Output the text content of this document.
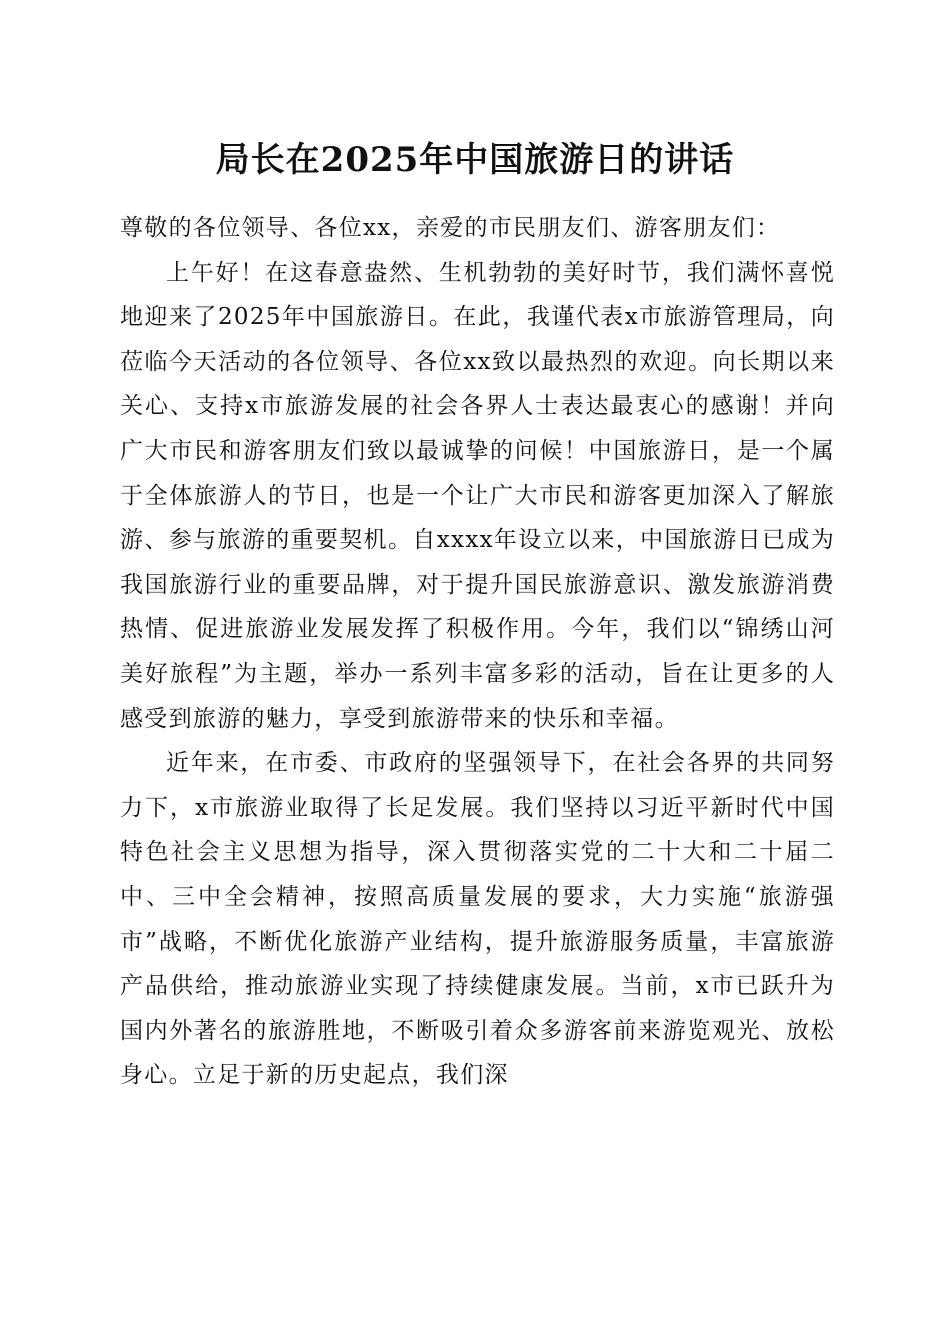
局长在2025年中国旅游日的讲话

尊敬的各位领导、各位xx，亲爱的市民朋友们、游客朋友们：

上午好！在这春意盎然、生机勃勃的美好时节，我们满怀喜悦地迎来了2025年中国旅游日。在此，我谨代表x市旅游管理局，向莅临今天活动的各位领导、各位xx致以最热烈的欢迎。向长期以来关心、支持x市旅游发展的社会各界人士表达最衷心的感谢！并向广大市民和游客朋友们致以最诚挚的问候！中国旅游日，是一个属于全体旅游人的节日，也是一个让广大市民和游客更加深入了解旅游、参与旅游的重要契机。自xxxx年设立以来，中国旅游日已成为我国旅游行业的重要品牌，对于提升国民旅游意识、激发旅游消费热情、促进旅游业发展发挥了积极作用。今年，我们以“锦绣山河美好旅程”为主题，举办一系列丰富多彩的活动，旨在让更多的人感受到旅游的魅力，享受到旅游带来的快乐和幸福。

近年来，在市委、市政府的坚强领导下，在社会各界的共同努力下，x市旅游业取得了长足发展。我们坚持以习近平新时代中国特色社会主义思想为指导，深入贯彻落实党的二十大和二十届二中、三中全会精神，按照高质量发展的要求，大力实施“旅游强市”战略，不断优化旅游产业结构，提升旅游服务质量，丰富旅游产品供给，推动旅游业实现了持续健康发展。当前，x市已跃升为国内外著名的旅游胜地，不断吸引着众多游客前来游览观光、放松身心。立足于新的历史起点，我们深
